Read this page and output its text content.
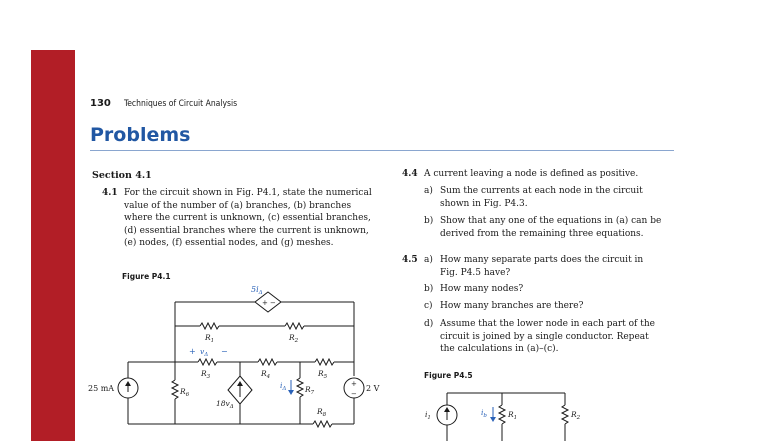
130 Techniques of Circuit Analysis
Problems
Section 4.1
4.1 For the circuit shown in Fig. P4.1, state the numerical
value of the number of (a) branches, (b) branches
where the current is unknown, (c) essential branches,
(d) essential branches where the current is unknown,
(e) nodes, (f) essential nodes, and (g) meshes.
Figure P4.1
+ −
$5i_\Delta$
$R_1$	$R_2$
+ $v_\Delta$ −
$R_3$	$R_4$	$R_5$
$R_6$
$R_7$
$R_8$
25 mA
$18v_\Delta$
$i_\Delta$
+
−
2 V
4.4 A current leaving a node is defined as positive.
a) Sum the currents at each node in the circuit
shown in Fig. P4.3.
b) Show that any one of the equations in (a) can be
derived from the remaining three equations.
4.5 a) How many separate parts does the circuit in
Fig. P4.5 have?
b) How many nodes?
c) How many branches are there?
d) Assume that the lower node in each part of the
circuit is joined by a single conductor. Repeat
the calculations in (a)–(c).
Figure P4.5
$i_1$
$i_b$	$R_1$	$R_2$
